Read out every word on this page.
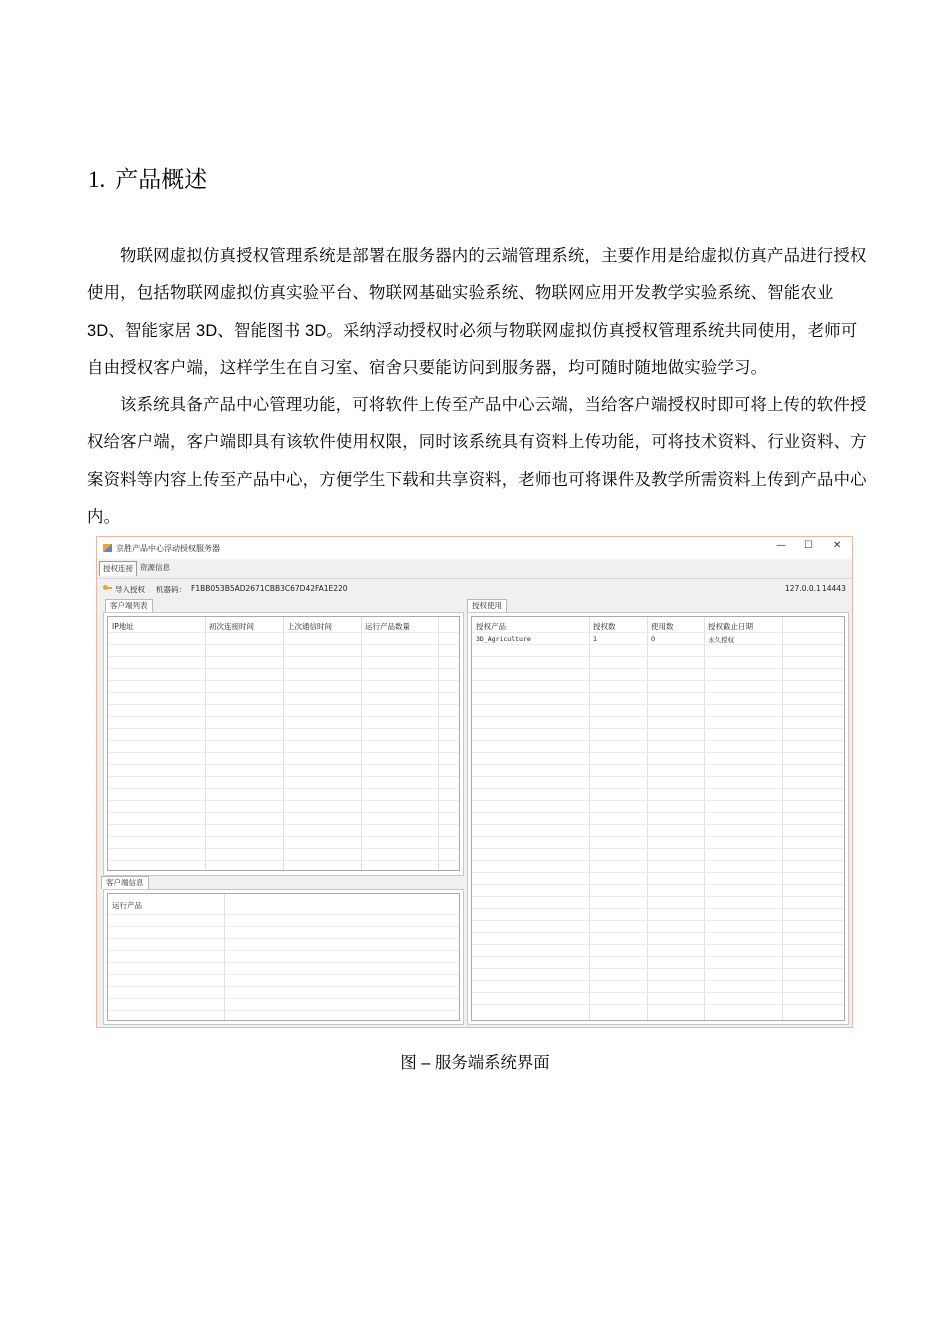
1. 产品概述

物联网虚拟仿真授权管理系统是部署在服务器内的云端管理系统，主要作用是给虚拟仿真产品进行授权使用，包括物联网虚拟仿真实验平台、物联网基础实验系统、物联网应用开发教学实验系统、智能农业 3D、智能家居 3D、智能图书 3D。采纳浮动授权时必须与物联网虚拟仿真授权管理系统共同使用，老师可自由授权客户端，这样学生在自习室、宿舍只要能访问到服务器，均可随时随地做实验学习。

该系统具备产品中心管理功能，可将软件上传至产品中心云端，当给客户端授权时即可将上传的软件授权给客户端，客户端即具有该软件使用权限，同时该系统具有资料上传功能，可将技术资料、行业资料、方案资料等内容上传至产品中心，方便学生下载和共享资料，老师也可将课件及教学所需资料上传到产品中心内。

京胜产品中心浮动授权服务器	— ☐ ✕
授权连接 资源信息
导入授权 机器码： F1BB053B5AD2671CBB3C67D42FA1E220	127.0.0.1 14443
客户端列表
IP地址	初次连接时间	上次通信时间	运行产品数量
客户端信息
运行产品
授权使用
授权产品	授权数	使用数	授权截止日期
3D_Agriculture	1	0	永久授权
图 – 服务端系统界面
